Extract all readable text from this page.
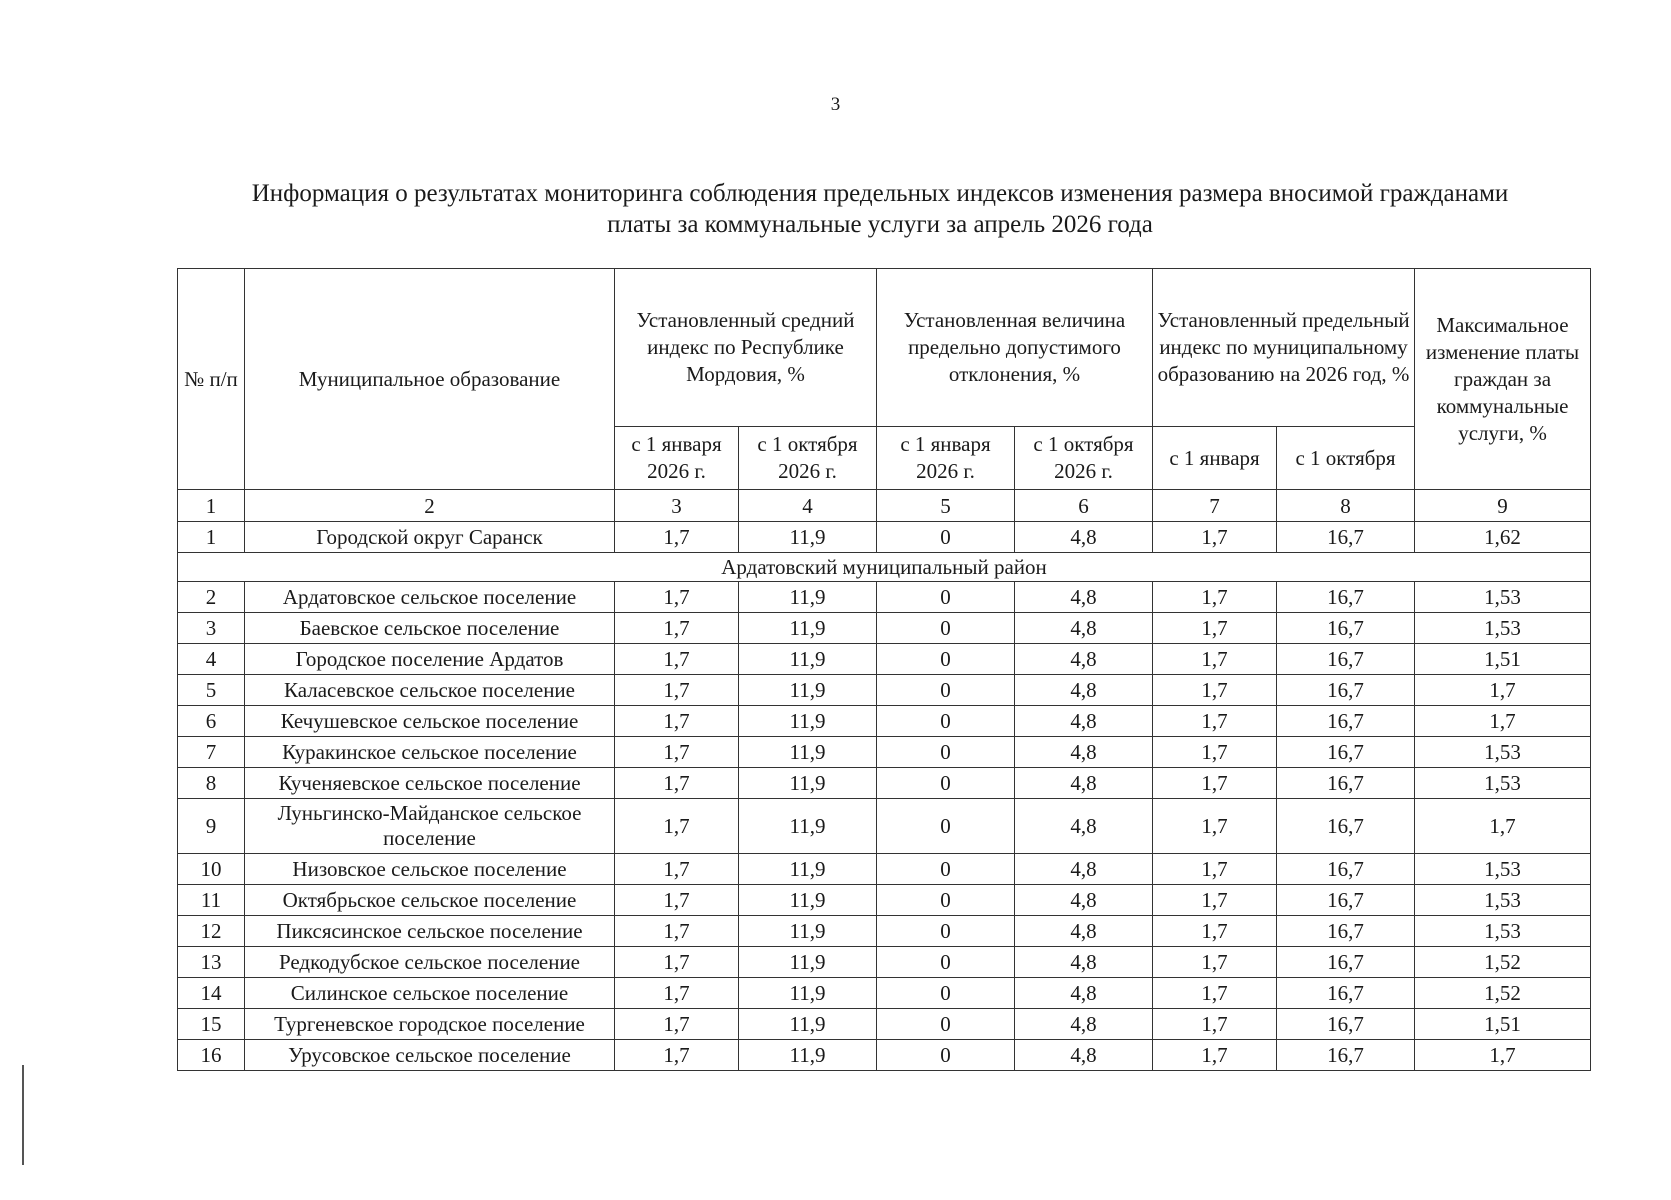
3
Информация о результатах мониторинга соблюдения предельных индексов изменения размера вносимой гражданами
платы за коммунальные услуги за апрель 2026 года
№ п/п	Муниципальное образование	Установленный средний индекс по Республике Мордовия, %		Установленная величина предельно допустимого отклонения, %		Установленный предельный индекс по муниципальному образованию на 2026 год, %		Максимальное изменение платы граждан за коммунальные услуги, %
		с 1 января 2026 г.	с 1 октября 2026 г.	с 1 января 2026 г.	с 1 октября 2026 г.	с 1 января	с 1 октября	
1	2	3	4	5	6	7	8	9
1	Городской округ Саранск	1,7	11,9	0	4,8	1,7	16,7	1,62
Ардатовский муниципальный район								
2	Ардатовское сельское поселение	1,7	11,9	0	4,8	1,7	16,7	1,53
3	Баевское сельское поселение	1,7	11,9	0	4,8	1,7	16,7	1,53
4	Городское поселение Ардатов	1,7	11,9	0	4,8	1,7	16,7	1,51
5	Каласевское сельское поселение	1,7	11,9	0	4,8	1,7	16,7	1,7
6	Кечушевское сельское поселение	1,7	11,9	0	4,8	1,7	16,7	1,7
7	Куракинское сельское поселение	1,7	11,9	0	4,8	1,7	16,7	1,53
8	Кученяевское сельское поселение	1,7	11,9	0	4,8	1,7	16,7	1,53
9	Луньгинско-Майданское сельское поселение	1,7	11,9	0	4,8	1,7	16,7	1,7
10	Низовское сельское поселение	1,7	11,9	0	4,8	1,7	16,7	1,53
11	Октябрьское сельское поселение	1,7	11,9	0	4,8	1,7	16,7	1,53
12	Пиксясинское сельское поселение	1,7	11,9	0	4,8	1,7	16,7	1,53
13	Редкодубское сельское поселение	1,7	11,9	0	4,8	1,7	16,7	1,52
14	Силинское сельское поселение	1,7	11,9	0	4,8	1,7	16,7	1,52
15	Тургеневское городское поселение	1,7	11,9	0	4,8	1,7	16,7	1,51
16	Урусовское сельское поселение	1,7	11,9	0	4,8	1,7	16,7	1,7
